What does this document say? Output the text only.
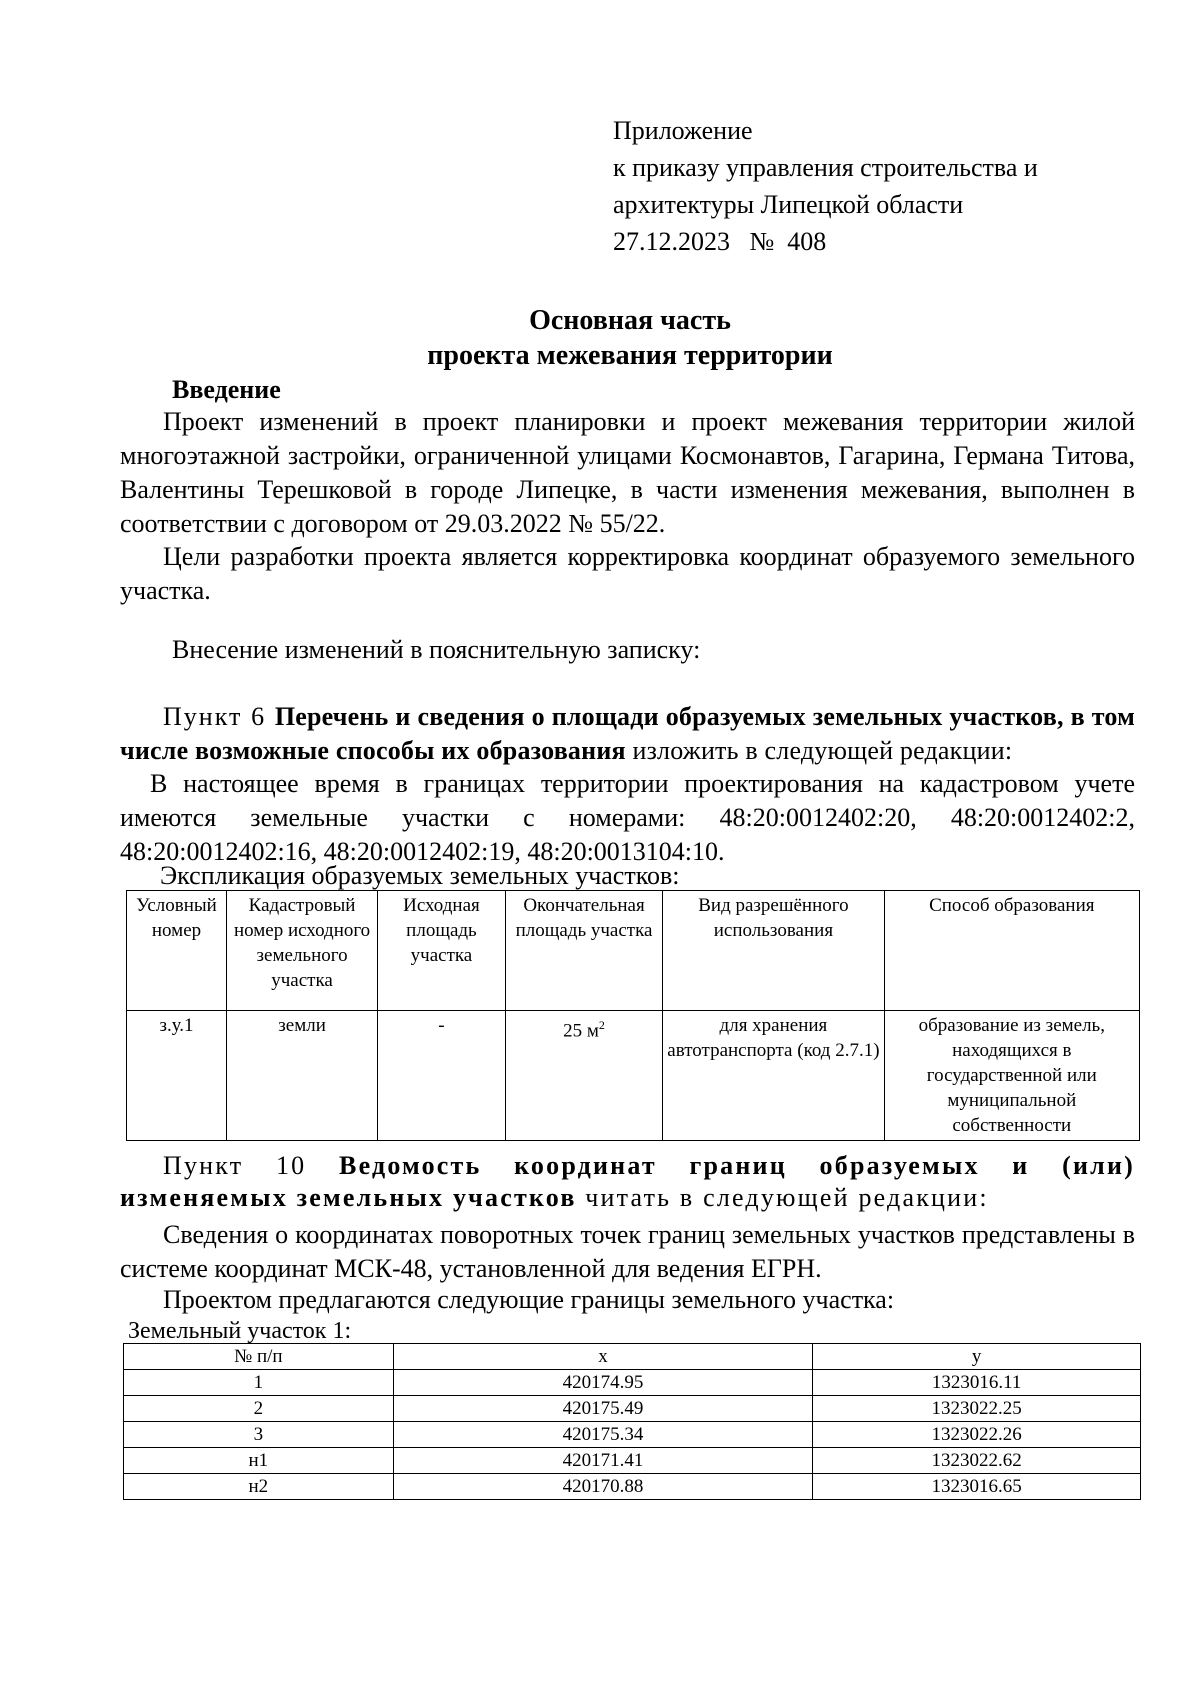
Приложение
к приказу управления строительства и
архитектуры Липецкой области
27.12.2023   №  408
Основная часть
проекта межевания территории
Введение
Проект изменений в проект планировки и проект межевания территории жилой многоэтажной застройки, ограниченной улицами Космонавтов, Гагарина, Германа Титова, Валентины Терешковой в городе Липецке, в части изменения межевания, выполнен в соответствии с договором от 29.03.2022 № 55/22.
Цели разработки проекта является корректировка координат образуемого земельного участка.
Внесение изменений в пояснительную записку:
Пункт 6 Перечень и сведения о площади образуемых земельных участков, в том числе возможные способы их образования изложить в следующей редакции:
В настоящее время в границах территории проектирования на кадастровом учете имеются земельные участки с номерами: 48:20:0012402:20, 48:20:0012402:2, 48:20:0012402:16, 48:20:0012402:19, 48:20:0013104:10.
Экспликация образуемых земельных участков:
Условный номер	Кадастровый номер исходного земельного участка	Исходная площадь участка	Окончательная площадь участка	Вид разрешённого использования	Способ образования
з.у.1	земли	-	25 $м^2$	для хранения автотранспорта (код 2.7.1)	образование из земель, находящихся в государственной или муниципальной собственности
Пункт 10 Ведомость координат границ образуемых и (или) изменяемых земельных участков читать в следующей редакции:
Сведения о координатах поворотных точек границ земельных участков представлены в системе координат МСК-48, установленной для ведения ЕГРН.
Проектом предлагаются следующие границы земельного участка:
Земельный участок 1:
№ п/п	x	y
1	420174.95	1323016.11
2	420175.49	1323022.25
3	420175.34	1323022.26
н1	420171.41	1323022.62
н2	420170.88	1323016.65
